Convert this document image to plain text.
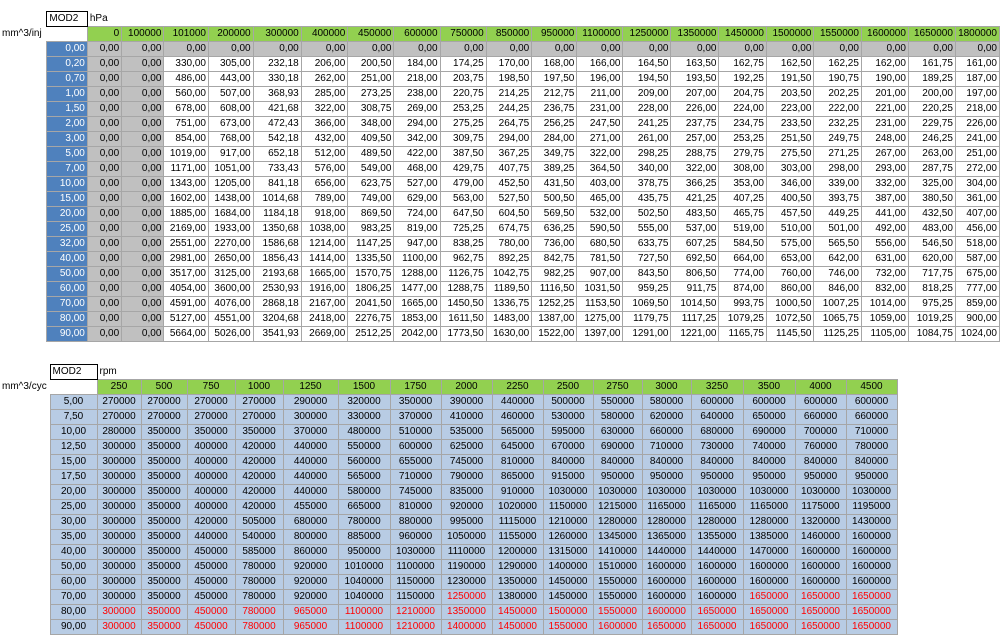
	MOD2	hPa																			
mm^3/inj		0	100000	101000	200000	300000	400000	450000	600000	750000	850000	950000	1100000	1250000	1350000	1450000	1500000	1550000	1600000	1650000	1800000
	0,00	0,00	0,00	0,00	0,00	0,00	0,00	0,00	0,00	0,00	0,00	0,00	0,00	0,00	0,00	0,00	0,00	0,00	0,00	0,00	0,00
	0,20	0,00	0,00	330,00	305,00	232,18	206,00	200,50	184,00	174,25	170,00	168,00	166,00	164,50	163,50	162,75	162,50	162,25	162,00	161,75	161,00
	0,70	0,00	0,00	486,00	443,00	330,18	262,00	251,00	218,00	203,75	198,50	197,50	196,00	194,50	193,50	192,25	191,50	190,75	190,00	189,25	187,00
	1,00	0,00	0,00	560,00	507,00	368,93	285,00	273,25	238,00	220,75	214,25	212,75	211,00	209,00	207,00	204,75	203,50	202,25	201,00	200,00	197,00
	1,50	0,00	0,00	678,00	608,00	421,68	322,00	308,75	269,00	253,25	244,25	236,75	231,00	228,00	226,00	224,00	223,00	222,00	221,00	220,25	218,00
	2,00	0,00	0,00	751,00	673,00	472,43	366,00	348,00	294,00	275,25	264,75	256,25	247,50	241,25	237,75	234,75	233,50	232,25	231,00	229,75	226,00
	3,00	0,00	0,00	854,00	768,00	542,18	432,00	409,50	342,00	309,75	294,00	284,00	271,00	261,00	257,00	253,25	251,50	249,75	248,00	246,25	241,00
	5,00	0,00	0,00	1019,00	917,00	652,18	512,00	489,50	422,00	387,50	367,25	349,75	322,00	298,25	288,75	279,75	275,50	271,25	267,00	263,00	251,00
	7,00	0,00	0,00	1171,00	1051,00	733,43	576,00	549,00	468,00	429,75	407,75	389,25	364,50	340,00	322,00	308,00	303,00	298,00	293,00	287,75	272,00
	10,00	0,00	0,00	1343,00	1205,00	841,18	656,00	623,75	527,00	479,00	452,50	431,50	403,00	378,75	366,25	353,00	346,00	339,00	332,00	325,00	304,00
	15,00	0,00	0,00	1602,00	1438,00	1014,68	789,00	749,00	629,00	563,00	527,50	500,50	465,00	435,75	421,25	407,25	400,50	393,75	387,00	380,50	361,00
	20,00	0,00	0,00	1885,00	1684,00	1184,18	918,00	869,50	724,00	647,50	604,50	569,50	532,00	502,50	483,50	465,75	457,50	449,25	441,00	432,50	407,00
	25,00	0,00	0,00	2169,00	1933,00	1350,68	1038,00	983,25	819,00	725,25	674,75	636,25	590,50	555,00	537,00	519,00	510,00	501,00	492,00	483,00	456,00
	32,00	0,00	0,00	2551,00	2270,00	1586,68	1214,00	1147,25	947,00	838,25	780,00	736,00	680,50	633,75	607,25	584,50	575,00	565,50	556,00	546,50	518,00
	40,00	0,00	0,00	2981,00	2650,00	1856,43	1414,00	1335,50	1100,00	962,75	892,25	842,75	781,50	727,50	692,50	664,00	653,00	642,00	631,00	620,00	587,00
	50,00	0,00	0,00	3517,00	3125,00	2193,68	1665,00	1570,75	1288,00	1126,75	1042,75	982,25	907,00	843,50	806,50	774,00	760,00	746,00	732,00	717,75	675,00
	60,00	0,00	0,00	4054,00	3600,00	2530,93	1916,00	1806,25	1477,00	1288,75	1189,50	1116,50	1031,50	959,25	911,75	874,00	860,00	846,00	832,00	818,25	777,00
	70,00	0,00	0,00	4591,00	4076,00	2868,18	2167,00	2041,50	1665,00	1450,50	1336,75	1252,25	1153,50	1069,50	1014,50	993,75	1000,50	1007,25	1014,00	975,25	859,00
	80,00	0,00	0,00	5127,00	4551,00	3204,68	2418,00	2276,75	1853,00	1611,50	1483,00	1387,00	1275,00	1179,75	1117,25	1079,25	1072,50	1065,75	1059,00	1019,25	900,00
	90,00	0,00	0,00	5664,00	5026,00	3541,93	2669,00	2512,25	2042,00	1773,50	1630,00	1522,00	1397,00	1291,00	1221,00	1165,75	1145,50	1125,25	1105,00	1084,75	1024,00
	MOD2	rpm															
mm^3/cyc		250	500	750	1000	1250	1500	1750	2000	2250	2500	2750	3000	3250	3500	4000	4500
	5,00	270000	270000	270000	270000	290000	320000	350000	390000	440000	500000	550000	580000	600000	600000	600000	600000
	7,50	270000	270000	270000	270000	300000	330000	370000	410000	460000	530000	580000	620000	640000	650000	660000	660000
	10,00	280000	350000	350000	350000	370000	480000	510000	535000	565000	595000	630000	660000	680000	690000	700000	710000
	12,50	300000	350000	400000	420000	440000	550000	600000	625000	645000	670000	690000	710000	730000	740000	760000	780000
	15,00	300000	350000	400000	420000	440000	560000	655000	745000	810000	840000	840000	840000	840000	840000	840000	840000
	17,50	300000	350000	400000	420000	440000	565000	710000	790000	865000	915000	950000	950000	950000	950000	950000	950000
	20,00	300000	350000	400000	420000	440000	580000	745000	835000	910000	1030000	1030000	1030000	1030000	1030000	1030000	1030000
	25,00	300000	350000	400000	420000	455000	665000	810000	920000	1020000	1150000	1215000	1165000	1165000	1165000	1175000	1195000
	30,00	300000	350000	420000	505000	680000	780000	880000	995000	1115000	1210000	1280000	1280000	1280000	1280000	1320000	1430000
	35,00	300000	350000	440000	540000	800000	885000	960000	1050000	1155000	1260000	1345000	1365000	1355000	1385000	1460000	1600000
	40,00	300000	350000	450000	585000	860000	950000	1030000	1110000	1200000	1315000	1410000	1440000	1440000	1470000	1600000	1600000
	50,00	300000	350000	450000	780000	920000	1010000	1100000	1190000	1290000	1400000	1510000	1600000	1600000	1600000	1600000	1600000
	60,00	300000	350000	450000	780000	920000	1040000	1150000	1230000	1350000	1450000	1550000	1600000	1600000	1600000	1600000	1600000
	70,00	300000	350000	450000	780000	920000	1040000	1150000	1250000	1380000	1450000	1550000	1600000	1600000	1650000	1650000	1650000
	80,00	300000	350000	450000	780000	965000	1100000	1210000	1350000	1450000	1500000	1550000	1600000	1650000	1650000	1650000	1650000
	90,00	300000	350000	450000	780000	965000	1100000	1210000	1400000	1450000	1550000	1600000	1650000	1650000	1650000	1650000	1650000
